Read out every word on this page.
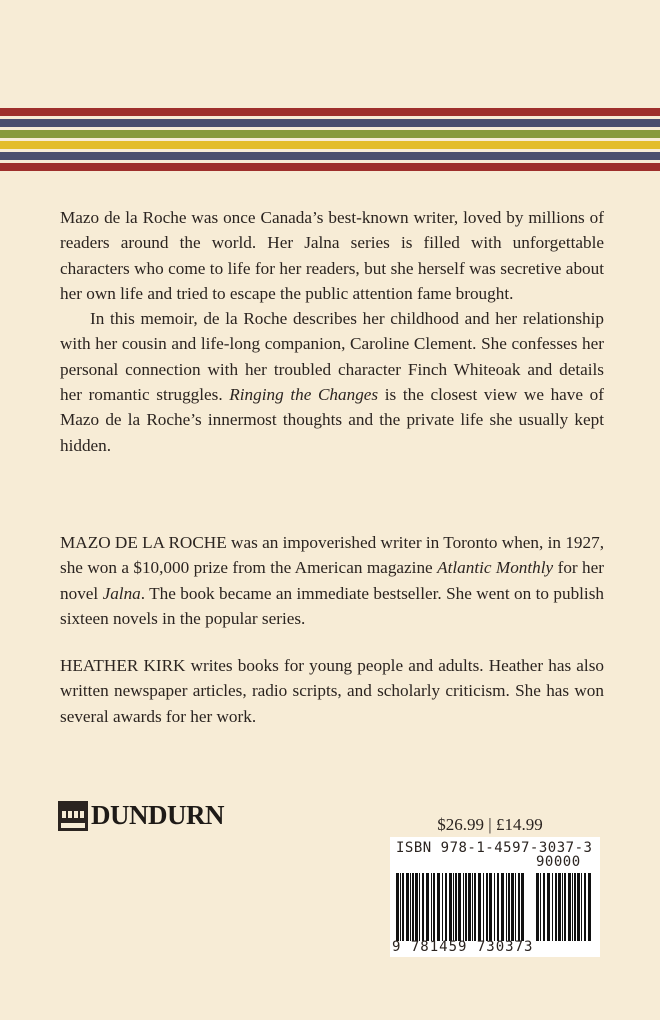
Mazo de la Roche was once Canada’s best-known writer, loved by millions of readers around the world. Her Jalna series is filled with unforgettable characters who come to life for her readers, but she herself was secretive about her own life and tried to escape the public attention fame brought.

In this memoir, de la Roche describes her childhood and her relationship with her cousin and life-long companion, Caroline Clement. She confesses her personal connection with her troubled character Finch Whiteoak and details her romantic struggles. Ringing the Changes is the closest view we have of Mazo de la Roche’s innermost thoughts and the private life she usually kept hidden.

MAZO DE LA ROCHE was an impoverished writer in Toronto when, in 1927, she won a $10,000 prize from the American magazine Atlantic Monthly for her novel Jalna. The book became an immediate bestseller. She went on to publish sixteen novels in the popular series.

HEATHER KIRK writes books for young people and adults. Heather has also written newspaper articles, radio scripts, and scholarly criticism. She has won several awards for her work.

DUNDURN	$26.99 | £14.99
ISBN 978-1-4597-3037-3
90000
9 781459 730373
